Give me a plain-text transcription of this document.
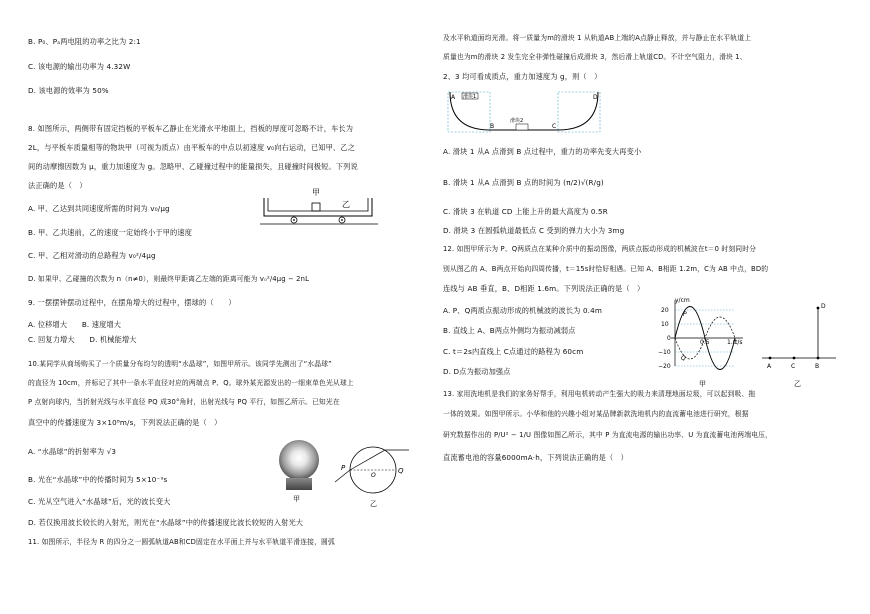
B. P₀、Pₐ两电阻的功率之比为 2:1
C. 该电源的输出功率为 4.32W
D. 该电源的效率为 50%
8. 如图所示，两侧带有固定挡板的平板车乙静止在光滑水平地面上，挡板的厚度可忽略不计，车长为
2L，与平板车质量相等的物块甲（可视为质点）由平板车的中点以初速度 v₀向右运动，已知甲、乙之
间的动摩擦因数为 μ，重力加速度为 g。忽略甲、乙碰撞过程中的能量损失，且碰撞时间极短。下列说
法正确的是（　）
A. 甲、乙达到共同速度所需的时间为 v₀/μg
B. 甲、乙共速前，乙的速度一定始终小于甲的速度
C. 甲、乙相对滑动的总路程为 v₀²/4μg
D. 如果甲、乙碰撞的次数为 n（n≠0），则最终甲距离乙左端的距离可能为 v₀²/4μg − 2nL
9. 一摆摆钟摆动过程中，在摆角增大的过程中，摆球的（　　）
A. 位移增大　　B. 速度增大
C. 回复力增大　　D. 机械能增大
10.某同学从商场购买了一个质量分布均匀的透明“水晶球”，如图甲所示。该同学先测出了“水晶球”
的直径为 10cm，并标记了其中一条水平直径对应的两端点 P、Q。球外某光源发出的一细束单色光从球上
P 点射向球内，当折射光线与水平直径 PQ 成30°角时，出射光线与 PQ 平行，如图乙所示。已知光在
真空中的传播速度为 3×10⁸m/s，下列说法正确的是（　）
A. “水晶球”的折射率为 √3
B. 光在“水晶球”中的传播时间为 5×10⁻⁹s
C. 光从空气进入“水晶球”后，光的波长变大
D. 若仅换用波长较长的入射光，则光在“水晶球”中的传播速度比波长较短的入射光大
11. 如图所示，半径为 R 的四分之一圆弧轨道AB和CD固定在水平面上并与水平轨道平滑连接，圆弧
甲
乙
甲
P	Q
O
乙
及水平轨道面均光滑。将一质量为m的滑块 1 从轨道AB上端的A点静止释放，并与静止在水平轨道上
质量也为m的滑块 2 发生完全非弹性碰撞后成滑块 3，然后滑上轨道CD。不计空气阻力，滑块 1、
2、3 均可看成质点，重力加速度为 g，则（　）
A. 滑块 1 从A 点滑到 B 点过程中，重力的功率先变大再变小
B. 滑块 1 从A 点滑到 B 点的时间为 (π/2)√(R/g)
C. 滑块 3 在轨道 CD 上能上升的最大高度为 0.5R
D. 滑块 3 在圆弧轨道最低点 C 受到的弹力大小为 3mg
12. 如图甲所示为 P、Q两质点在某种介质中的振动图像，两质点振动形成的机械波在t＝0 时刻同时分
别从图乙的 A、B两点开始向四周传播，t＝15s时恰好相遇。已知 A、B相距 1.2m，C为 AB 中点，BD的
连线与 AB 垂直，B、D相距 1.6m。下列说法正确的是（　）
A. P、Q两质点振动形成的机械波的波长为 0.4m
B. 直线上 A、B两点外侧均为振动减弱点
C. t＝2s内直线上 C点通过的路程为 60cm
D. D点为振动加强点
13. 家用洗地机是我们的家务好帮手，利用电机转动产生强大的吸力来清理地面垃圾，可以起到吸、拖
一体的效果。如图甲所示。小华和他的兴趣小组对某品牌新款洗地机内的直流蓄电池进行研究，根据
研究数据作出的 P/U² − 1/U 图像如图乙所示，其中 P 为直流电源的输出功率、U 为直流蓄电池两端电压，
直流蓄电池的容量6000mA·h，下列说法正确的是（　）
滑块1
滑块2
A	D
B	C
y/cm
20
10
0
−10
−20
t/s
0.5	1.0
P
Q
甲
A	C	B
D
乙
